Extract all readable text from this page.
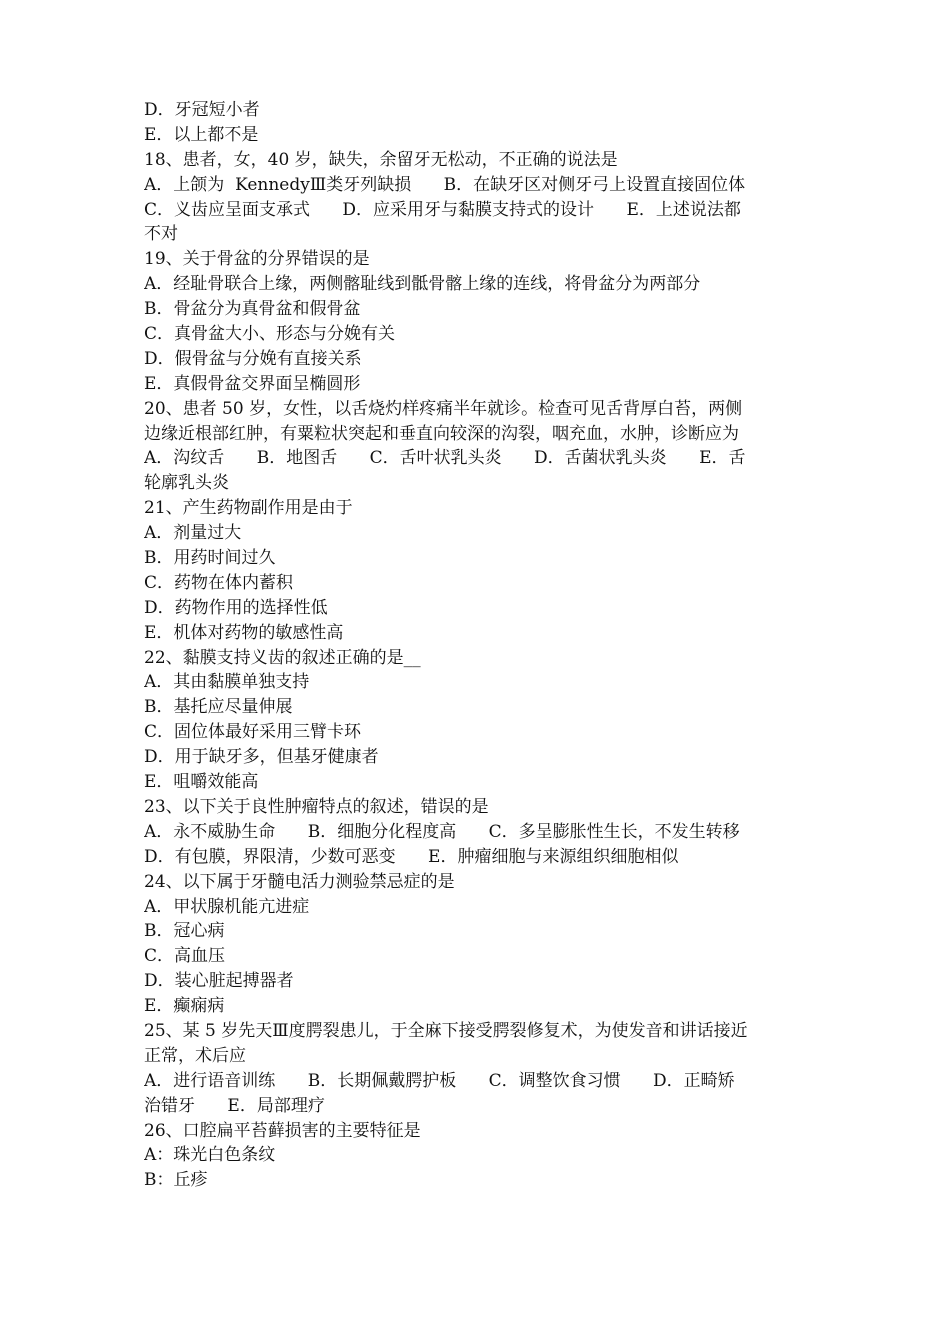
D．牙冠短小者
E．以上都不是
18、患者，女，40 岁，缺失，余留牙无松动，不正确的说法是
A．上颌为  KennedyⅢ类牙列缺损      B．在缺牙区对侧牙弓上设置直接固位体
C．义齿应呈面支承式      D．应采用牙与黏膜支持式的设计      E．上述说法都
不对
19、关于骨盆的分界错误的是
A．经耻骨联合上缘，两侧髂耻线到骶骨髂上缘的连线，将骨盆分为两部分
B．骨盆分为真骨盆和假骨盆
C．真骨盆大小、形态与分娩有关
D．假骨盆与分娩有直接关系
E．真假骨盆交界面呈椭圆形
20、患者 50 岁，女性，以舌烧灼样疼痛半年就诊。检查可见舌背厚白苔，两侧
边缘近根部红肿，有粟粒状突起和垂直向较深的沟裂，咽充血，水肿，诊断应为
A．沟纹舌      B．地图舌      C．舌叶状乳头炎      D．舌菌状乳头炎      E．舌
轮廓乳头炎
21、产生药物副作用是由于
A．剂量过大
B．用药时间过久
C．药物在体内蓄积
D．药物作用的选择性低
E．机体对药物的敏感性高
22、黏膜支持义齿的叙述正确的是__
A．其由黏膜单独支持
B．基托应尽量伸展
C．固位体最好采用三臂卡环
D．用于缺牙多，但基牙健康者
E．咀嚼效能高
23、以下关于良性肿瘤特点的叙述，错误的是
A．永不威胁生命      B．细胞分化程度高      C．多呈膨胀性生长，不发生转移
D．有包膜，界限清，少数可恶变      E．肿瘤细胞与来源组织细胞相似
24、以下属于牙髓电活力测验禁忌症的是
A．甲状腺机能亢进症
B．冠心病
C．高血压
D．装心脏起搏器者
E．癫痫病
25、某 5 岁先天Ⅲ度腭裂患儿，于全麻下接受腭裂修复术，为使发音和讲话接近
正常，术后应
A．进行语音训练      B．长期佩戴腭护板      C．调整饮食习惯      D．正畸矫
治错牙      E．局部理疗
26、口腔扁平苔藓损害的主要特征是
A：珠光白色条纹
B：丘疹
